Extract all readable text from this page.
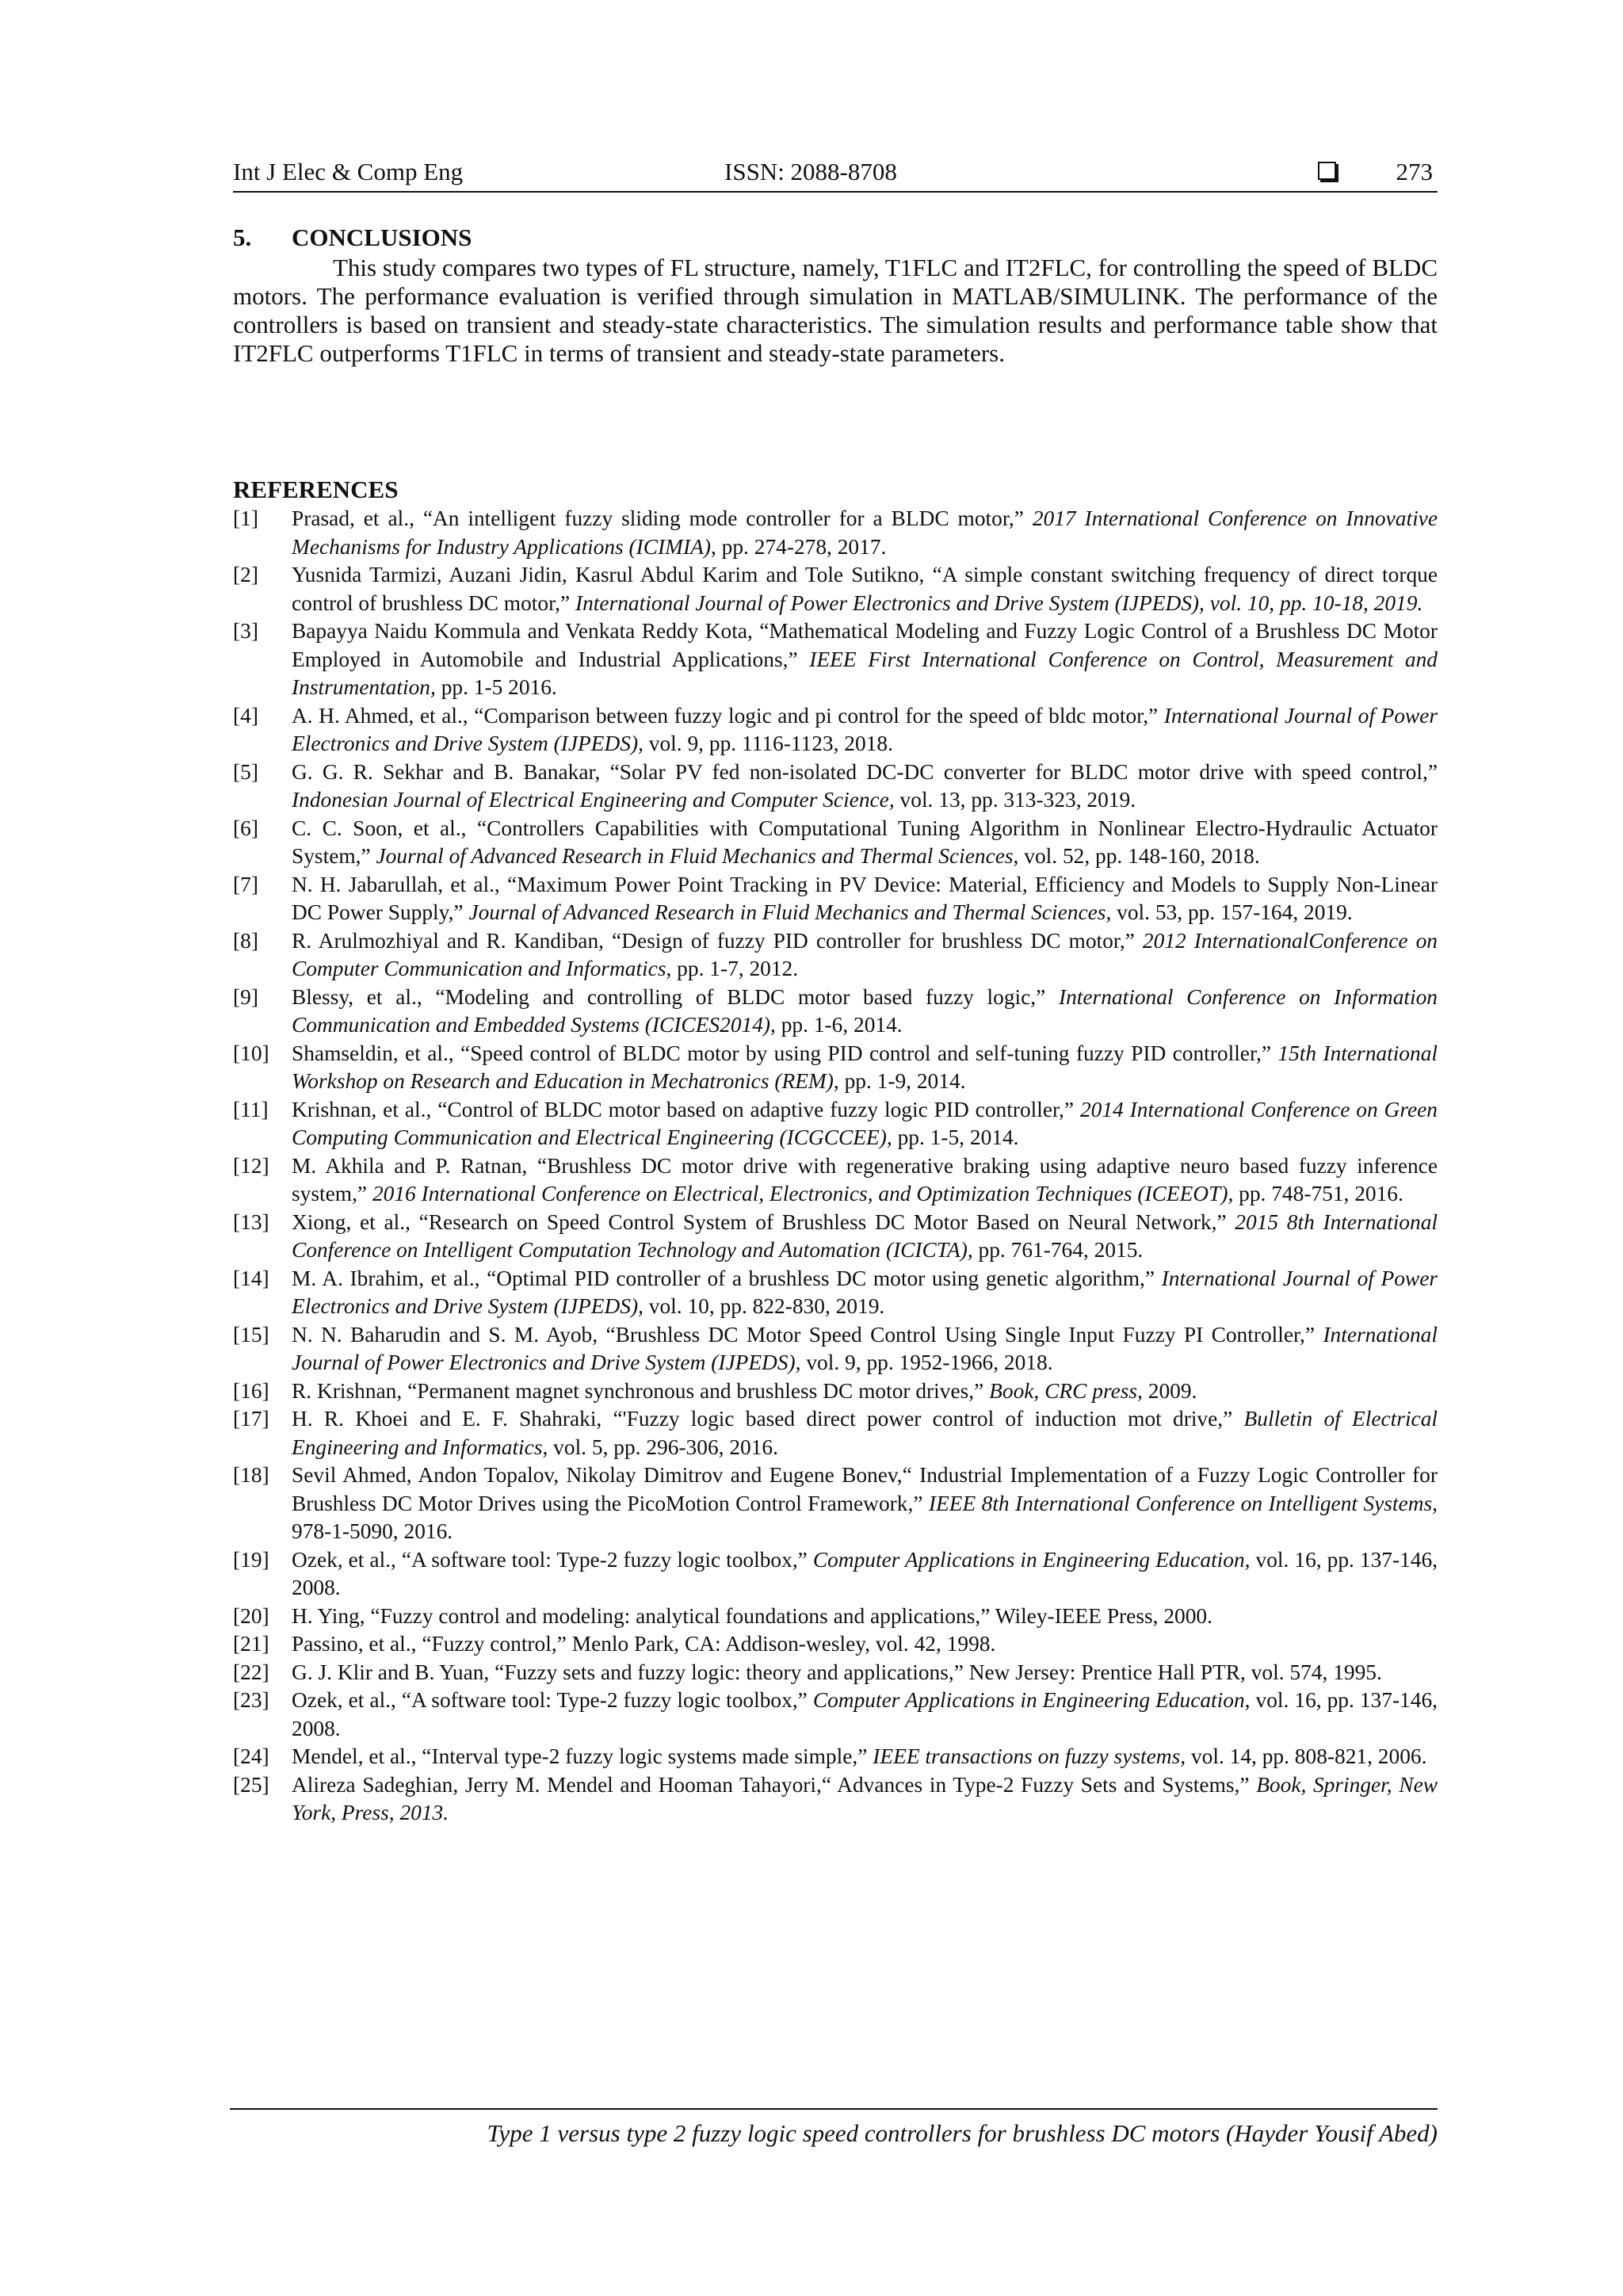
Int J Elec & Comp Eng	ISSN: 2088-8708	273
5. CONCLUSIONS

This study compares two types of FL structure, namely, T1FLC and IT2FLC, for controlling the speed of BLDC motors. The performance evaluation is verified through simulation in MATLAB/SIMULINK. The performance of the controllers is based on transient and steady-state characteristics. The simulation results and performance table show that IT2FLC outperforms T1FLC in terms of transient and steady-state parameters.

REFERENCES
[1] Prasad, et al., “An intelligent fuzzy sliding mode controller for a BLDC motor,” 2017 International Conference on Innovative Mechanisms for Industry Applications (ICIMIA), pp. 274-278, 2017.
[2] Yusnida Tarmizi, Auzani Jidin, Kasrul Abdul Karim and Tole Sutikno, “A simple constant switching frequency of direct torque control of brushless DC motor,” International Journal of Power Electronics and Drive System (IJPEDS), vol. 10, pp. 10-18, 2019.
[3] Bapayya Naidu Kommula and Venkata Reddy Kota, “Mathematical Modeling and Fuzzy Logic Control of a Brushless DC Motor Employed in Automobile and Industrial Applications,” IEEE First International Conference on Control, Measurement and Instrumentation, pp. 1-5 2016.
[4] A. H. Ahmed, et al., “Comparison between fuzzy logic and pi control for the speed of bldc motor,” International Journal of Power Electronics and Drive System (IJPEDS), vol. 9, pp. 1116-1123, 2018.
[5] G. G. R. Sekhar and B. Banakar, “Solar PV fed non-isolated DC-DC converter for BLDC motor drive with speed control,” Indonesian Journal of Electrical Engineering and Computer Science, vol. 13, pp. 313-323, 2019.
[6] C. C. Soon, et al., “Controllers Capabilities with Computational Tuning Algorithm in Nonlinear Electro-Hydraulic Actuator System,” Journal of Advanced Research in Fluid Mechanics and Thermal Sciences, vol. 52, pp. 148-160, 2018.
[7] N. H. Jabarullah, et al., “Maximum Power Point Tracking in PV Device: Material, Efficiency and Models to Supply Non-Linear DC Power Supply,” Journal of Advanced Research in Fluid Mechanics and Thermal Sciences, vol. 53, pp. 157-164, 2019.
[8] R. Arulmozhiyal and R. Kandiban, “Design of fuzzy PID controller for brushless DC motor,” 2012 InternationalConference on Computer Communication and Informatics, pp. 1-7, 2012.
[9] Blessy, et al., “Modeling and controlling of BLDC motor based fuzzy logic,” International Conference on Information Communication and Embedded Systems (ICICES2014), pp. 1-6, 2014.
[10] Shamseldin, et al., “Speed control of BLDC motor by using PID control and self-tuning fuzzy PID controller,” 15th International Workshop on Research and Education in Mechatronics (REM), pp. 1-9, 2014.
[11] Krishnan, et al., “Control of BLDC motor based on adaptive fuzzy logic PID controller,” 2014 International Conference on Green Computing Communication and Electrical Engineering (ICGCCEE), pp. 1-5, 2014.
[12] M. Akhila and P. Ratnan, “Brushless DC motor drive with regenerative braking using adaptive neuro based fuzzy inference system,” 2016 International Conference on Electrical, Electronics, and Optimization Techniques (ICEEOT), pp. 748-751, 2016.
[13] Xiong, et al., “Research on Speed Control System of Brushless DC Motor Based on Neural Network,” 2015 8th International Conference on Intelligent Computation Technology and Automation (ICICTA), pp. 761-764, 2015.
[14] M. A. Ibrahim, et al., “Optimal PID controller of a brushless DC motor using genetic algorithm,” International Journal of Power Electronics and Drive System (IJPEDS), vol. 10, pp. 822-830, 2019.
[15] N. N. Baharudin and S. M. Ayob, “Brushless DC Motor Speed Control Using Single Input Fuzzy PI Controller,” International Journal of Power Electronics and Drive System (IJPEDS), vol. 9, pp. 1952-1966, 2018.
[16] R. Krishnan, “Permanent magnet synchronous and brushless DC motor drives,” Book, CRC press, 2009.
[17] H. R. Khoei and E. F. Shahraki, “'Fuzzy logic based direct power control of induction mot drive,” Bulletin of Electrical Engineering and Informatics, vol. 5, pp. 296-306, 2016.
[18] Sevil Ahmed, Andon Topalov, Nikolay Dimitrov and Eugene Bonev,“ Industrial Implementation of a Fuzzy Logic Controller for Brushless DC Motor Drives using the PicoMotion Control Framework,” IEEE 8th International Conference on Intelligent Systems, 978-1-5090, 2016.
[19] Ozek, et al., “A software tool: Type-2 fuzzy logic toolbox,” Computer Applications in Engineering Education, vol. 16, pp. 137-146, 2008.
[20] H. Ying, “Fuzzy control and modeling: analytical foundations and applications,” Wiley-IEEE Press, 2000.
[21] Passino, et al., “Fuzzy control,” Menlo Park, CA: Addison-wesley, vol. 42, 1998.
[22] G. J. Klir and B. Yuan, “Fuzzy sets and fuzzy logic: theory and applications,” New Jersey: Prentice Hall PTR, vol. 574, 1995.
[23] Ozek, et al., “A software tool: Type-2 fuzzy logic toolbox,” Computer Applications in Engineering Education, vol. 16, pp. 137-146, 2008.
[24] Mendel, et al., “Interval type-2 fuzzy logic systems made simple,” IEEE transactions on fuzzy systems, vol. 14, pp. 808-821, 2006.
[25] Alireza Sadeghian, Jerry M. Mendel and Hooman Tahayori,“ Advances in Type-2 Fuzzy Sets and Systems,” Book, Springer, New York, Press, 2013.
Type 1 versus type 2 fuzzy logic speed controllers for brushless DC motors (Hayder Yousif Abed)
